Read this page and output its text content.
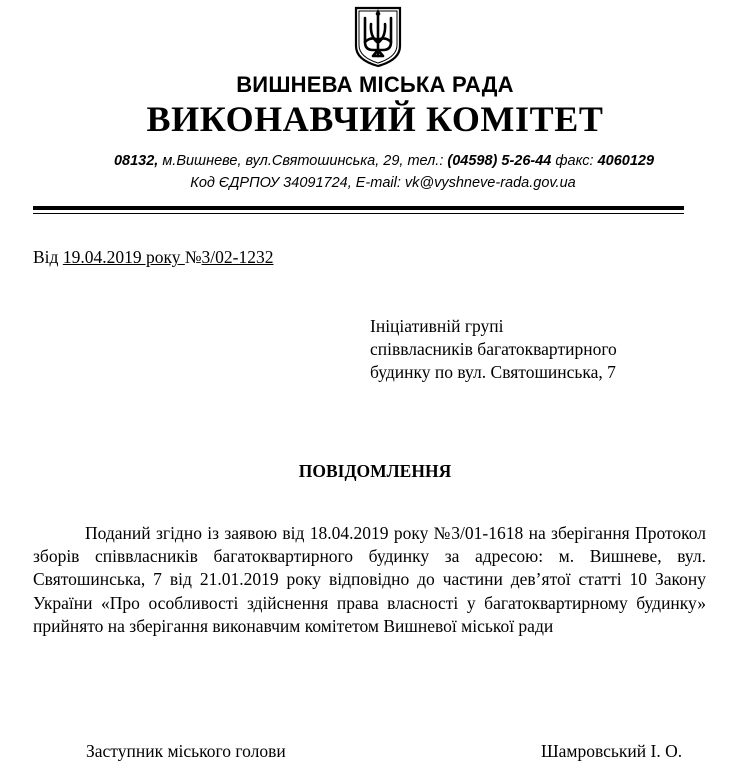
ВИШНЕВА МІСЬКА РАДА
ВИКОНАВЧИЙ КОМІТЕТ
08132, м.Вишневе, вул.Святошинська, 29, тел.: (04598) 5-26-44 факс: 4060129
Код ЄДРПОУ 34091724, E-mail: vk@vyshneve-rada.gov.ua
Від 19.04.2019 року №3/02-1232
Ініціативній групі
співвласників багатоквартирного
будинку по вул. Святошинська, 7
ПОВІДОМЛЕННЯ

Поданий згідно із заявою від 18.04.2019 року №3/01-1618 на зберігання Протокол зборів співвласників багатоквартирного будинку за адресою: м. Вишневе, вул. Святошинська, 7 від 21.01.2019 року відповідно до частини дев’ятої статті 10 Закону України «Про особливості здійснення права власності у багатоквартирному будинку» прийнято на зберігання виконавчим комітетом Вишневої міської ради

Заступник міського голови	Шамровський І. О.
